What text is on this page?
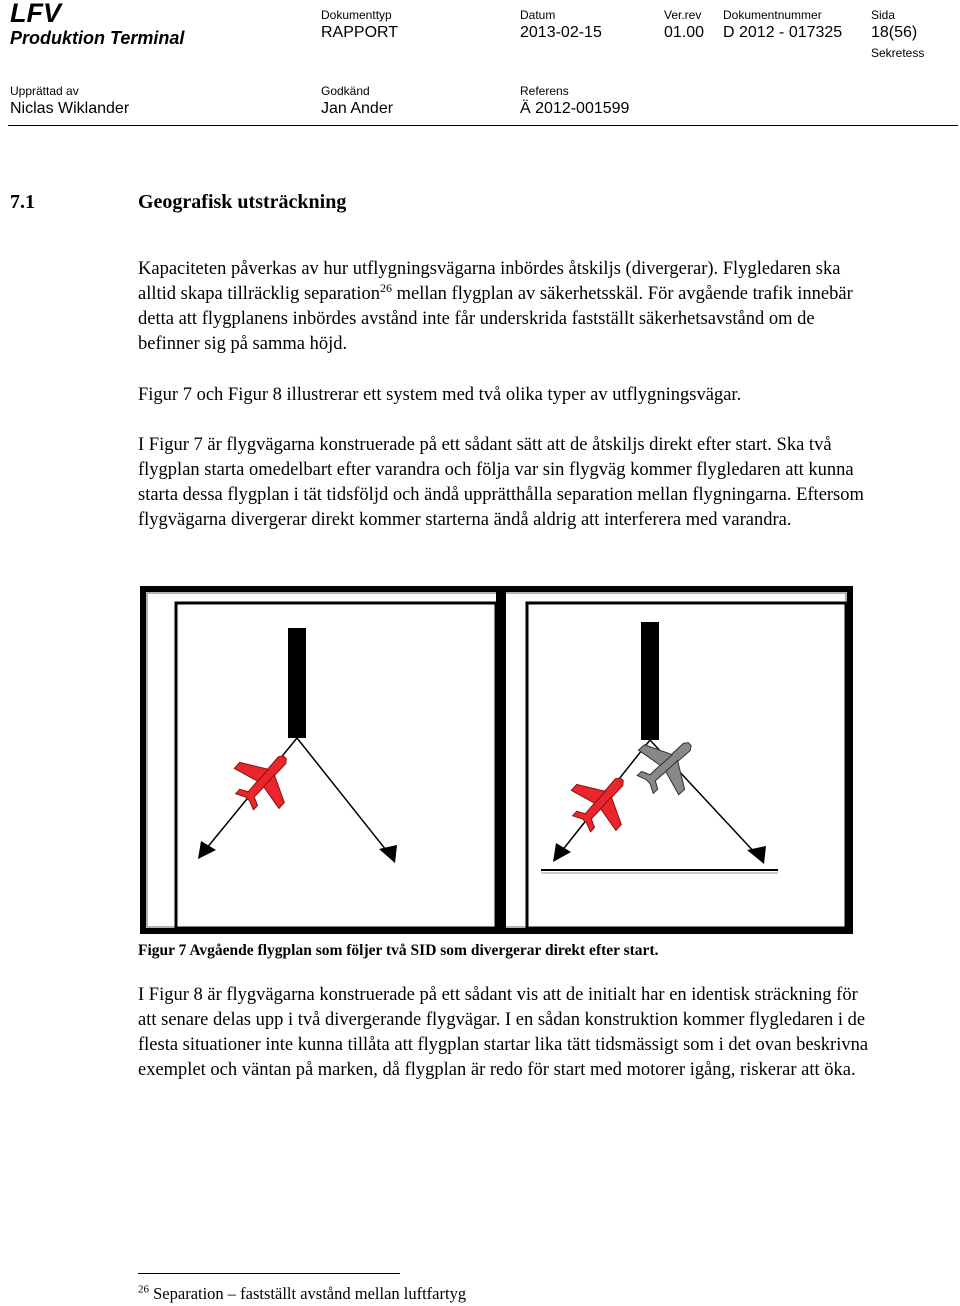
LFV
Produktion Terminal
Dokumenttyp
RAPPORT
Datum
2013-02-15
Ver.rev
01.00
Dokumentnummer
D 2012 - 017325
Sida
18(56)
Sekretess
Upprättad av
Niclas Wiklander
Godkänd
Jan Ander
Referens
Ä 2012-001599
7.1	Geografisk utsträckning

Kapaciteten påverkas av hur utflygningsvägarna inbördes åtskiljs (divergerar). Flygledaren ska alltid skapa tillräcklig separation$^{26}$ mellan flygplan av säkerhetsskäl. För avgående trafik innebär detta att flygplanens inbördes avstånd inte får underskrida fastställt säkerhetsavstånd om de befinner sig på samma höjd.

Figur 7 och Figur 8 illustrerar ett system med två olika typer av utflygningsvägar.

I Figur 7 är flygvägarna konstruerade på ett sådant sätt att de åtskiljs direkt efter start. Ska två flygplan starta omedelbart efter varandra och följa var sin flygväg kommer flygledaren att kunna starta dessa flygplan i tät tidsföljd och ändå upprätthålla separation mellan flygningarna. Eftersom flygvägarna divergerar direkt kommer starterna ändå aldrig att interferera med varandra.

Figur 7 Avgående flygplan som följer två SID som divergerar direkt efter start.

I Figur 8 är flygvägarna konstruerade på ett sådant vis att de initialt har en identisk sträckning för att senare delas upp i två divergerande flygvägar. I en sådan konstruktion kommer flygledaren i de flesta situationer inte kunna tillåta att flygplan startar lika tätt tidsmässigt som i det ovan beskrivna exemplet och väntan på marken, då flygplan är redo för start med motorer igång, riskerar att öka.

$^{26}$ Separation – fastställt avstånd mellan luftfartyg
